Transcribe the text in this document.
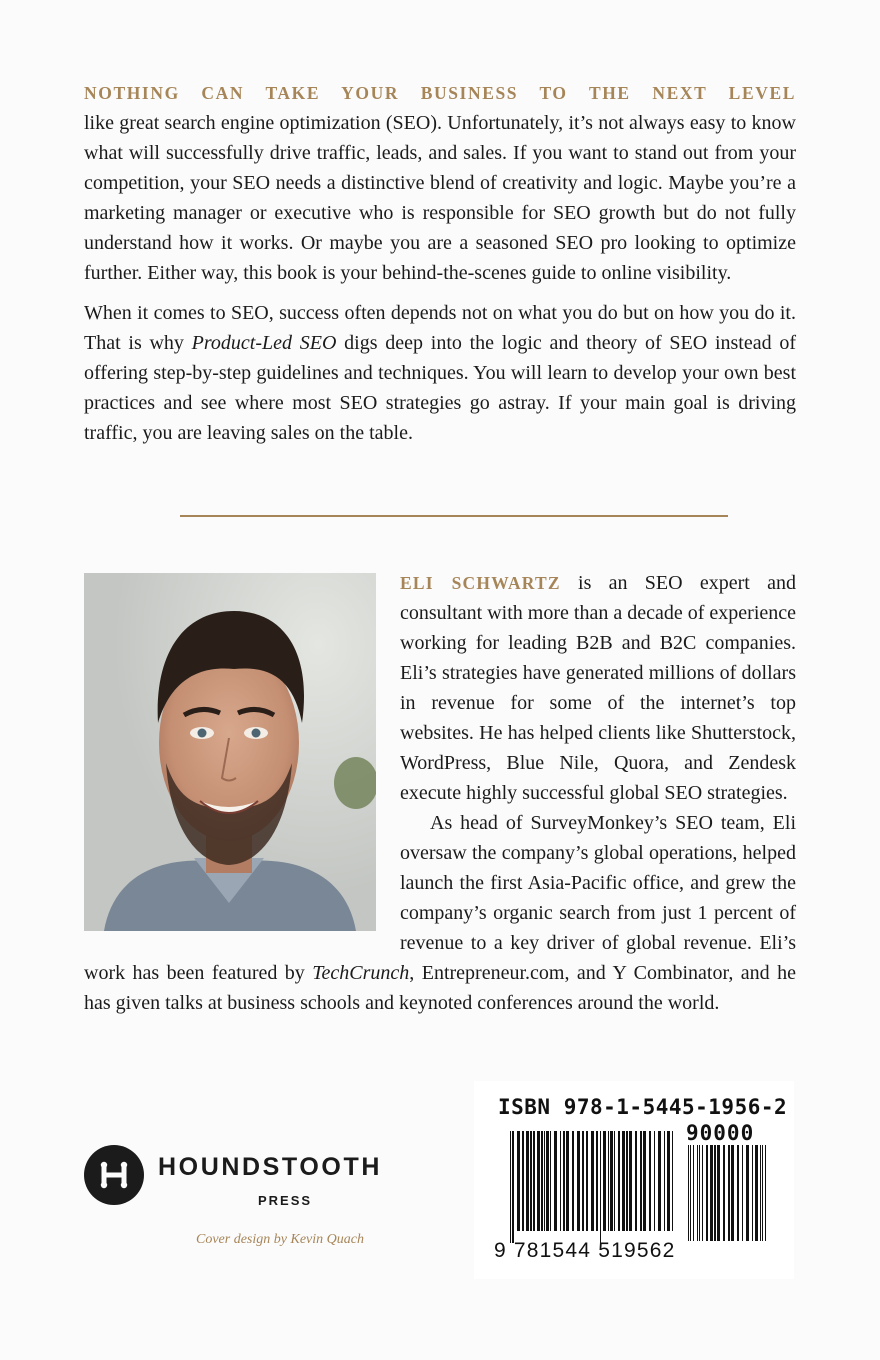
NOTHING CAN TAKE YOUR BUSINESS TO THE NEXT LEVEL
like great search engine optimization (SEO). Unfortunately, it’s not always easy to know what will successfully drive traffic, leads, and sales. If you want to stand out from your competition, your SEO needs a distinctive blend of creativity and logic. Maybe you’re a marketing manager or executive who is responsible for SEO growth but do not fully understand how it works. Or maybe you are a seasoned SEO pro looking to optimize further. Either way, this book is your behind-the-scenes guide to online visibility.

When it comes to SEO, success often depends not on what you do but on how you do it. That is why Product-Led SEO digs deep into the logic and theory of SEO instead of offering step-by-step guidelines and techniques. You will learn to develop your own best practices and see where most SEO strategies go astray. If your main goal is driving traffic, you are leaving sales on the table.

ELI SCHWARTZ is an SEO expert and consultant with more than a decade of experience working for leading B2B and B2C companies. Eli’s strategies have generated millions of dollars in revenue for some of the internet’s top websites. He has helped clients like Shutterstock, WordPress, Blue Nile, Quora, and Zendesk execute highly successful global SEO strategies.

As head of SurveyMonkey’s SEO team, Eli oversaw the company’s global operations, helped launch the first Asia-Pacific office, and grew the company’s organic search from just 1 percent of revenue to a key driver of global revenue. Eli’s work has been featured by TechCrunch, Entrepreneur.com, and Y Combinator, and he has given talks at business schools and keynoted conferences around the world.

HOUNDSTOOTH
PRESS
Cover design by Kevin Quach
ISBN 978-1-5445-1956-2
90000
9 781544 519562
